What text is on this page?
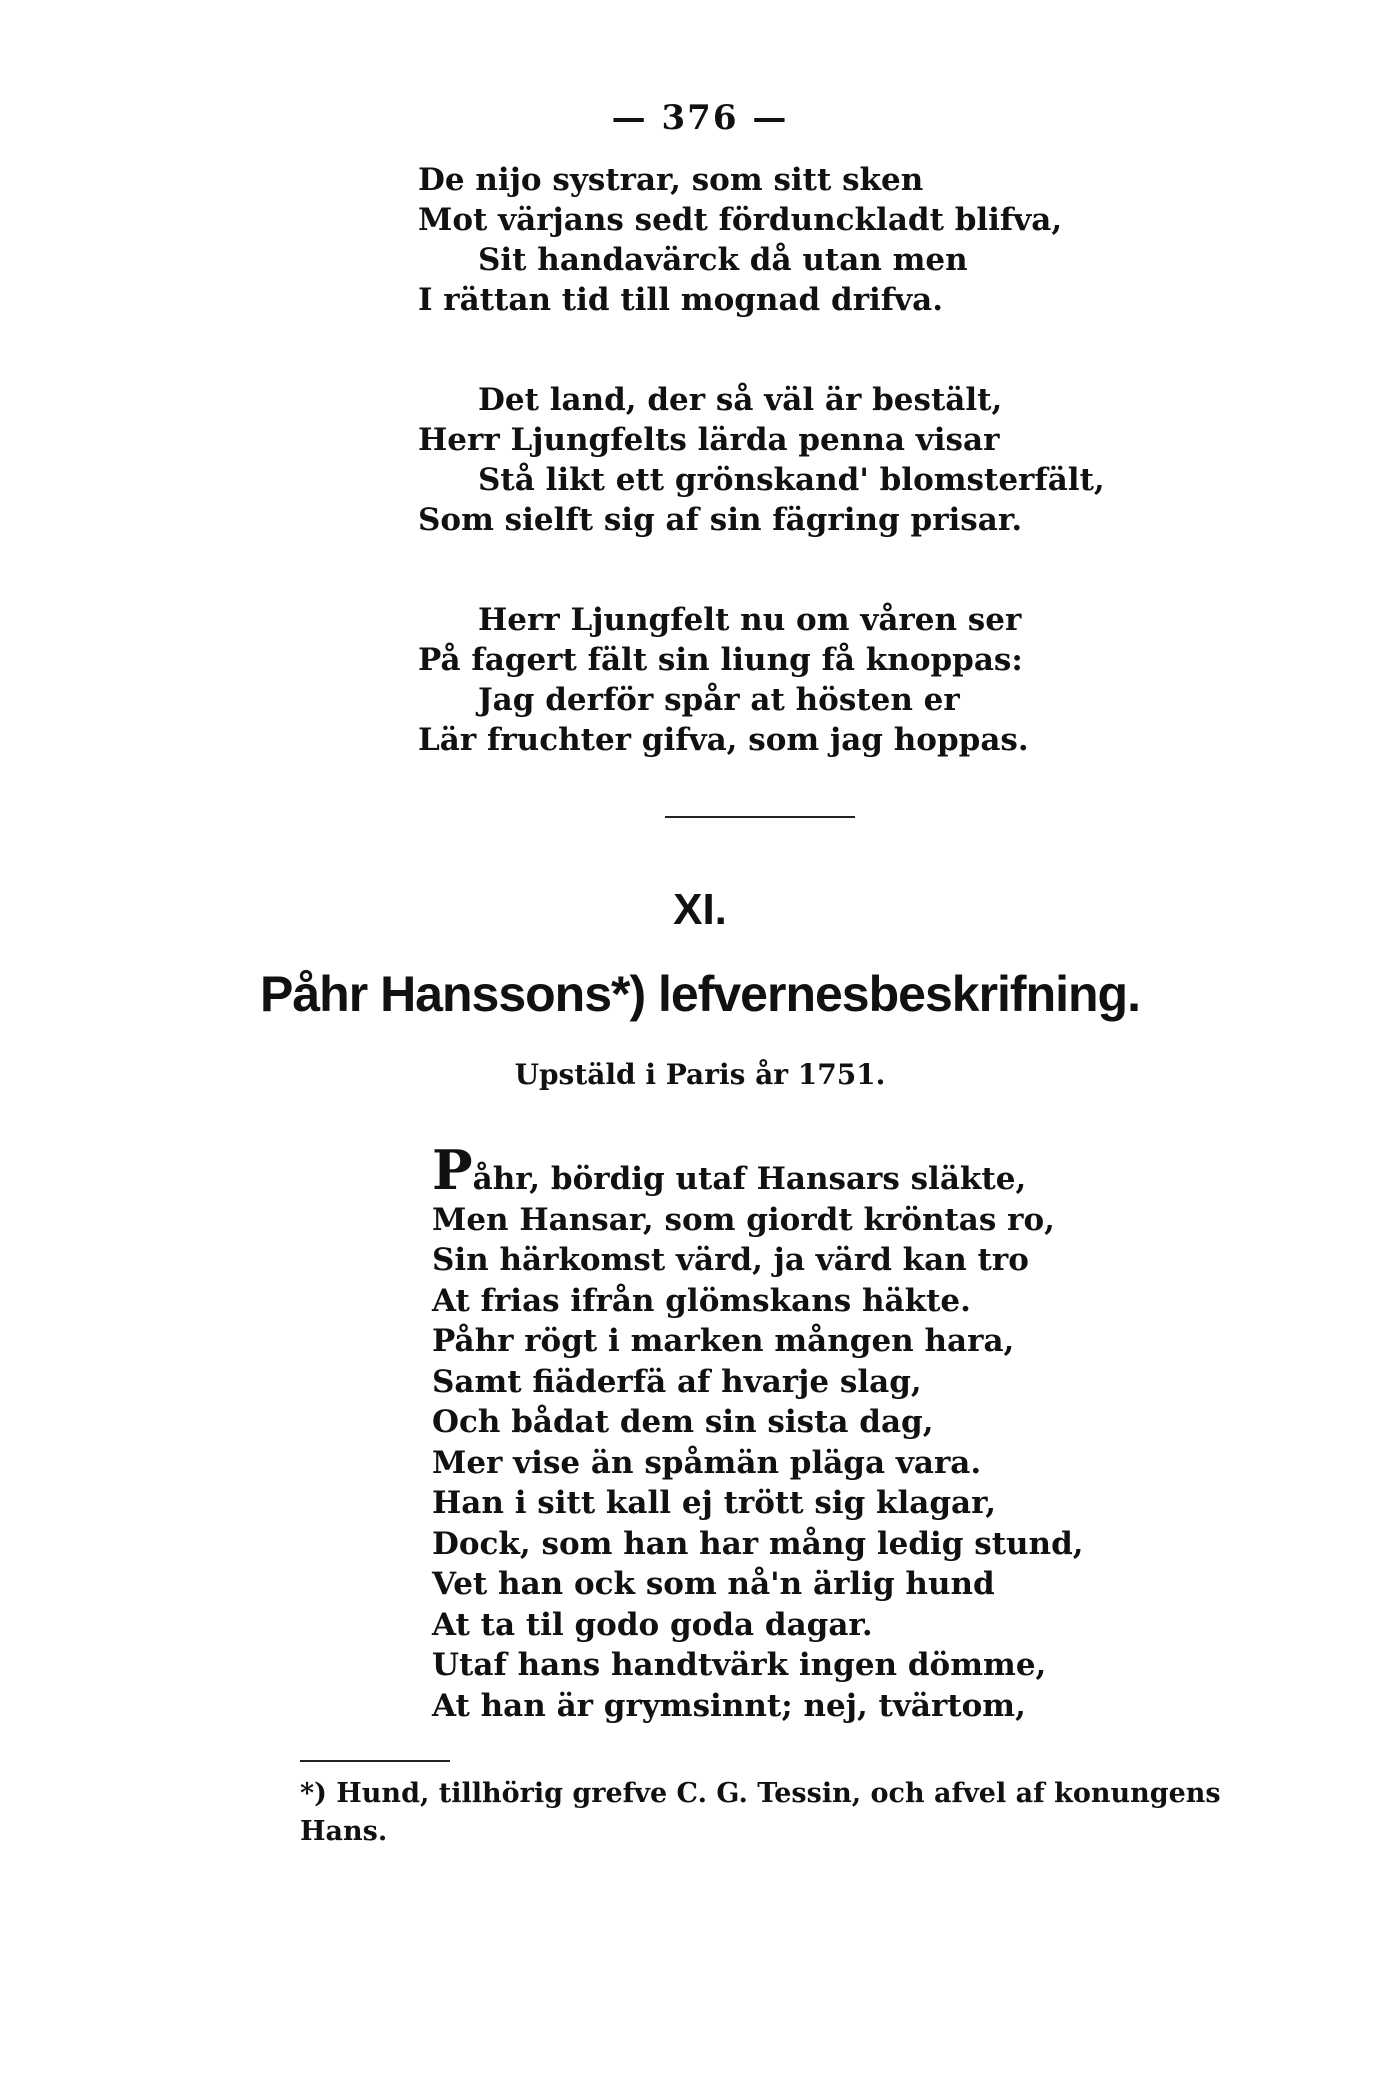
— 376 —
De nijo systrar, som sitt sken
Mot värjans sedt fördunckladt blifva,
Sit handavärck då utan men
I rättan tid till mognad drifva.
Det land, der så väl är bestält,
Herr Ljungfelts lärda penna visar
Stå likt ett grönskand' blomsterfält,
Som sielft sig af sin fägring prisar.
Herr Ljungfelt nu om våren ser
På fagert fält sin liung få knoppas:
Jag derför spår at hösten er
Lär fruchter gifva, som jag hoppas.
XI.
Påhr Hanssons*) lefvernesbeskrifning.
Upstäld i Paris år 1751.
Påhr, bördig utaf Hansars släkte,
Men Hansar, som giordt kröntas ro,
Sin härkomst värd, ja värd kan tro
At frias ifrån glömskans häkte.
Påhr rögt i marken mången hara,
Samt fiäderfä af hvarje slag,
Och bådat dem sin sista dag,
Mer vise än spåmän pläga vara.
Han i sitt kall ej trött sig klagar,
Dock, som han har mång ledig stund,
Vet han ock som nå'n ärlig hund
At ta til godo goda dagar.
Utaf hans handtvärk ingen dömme,
At han är grymsinnt; nej, tvärtom,
*) Hund, tillhörig grefve C. G. Tessin, och afvel af konungens
Hans.
